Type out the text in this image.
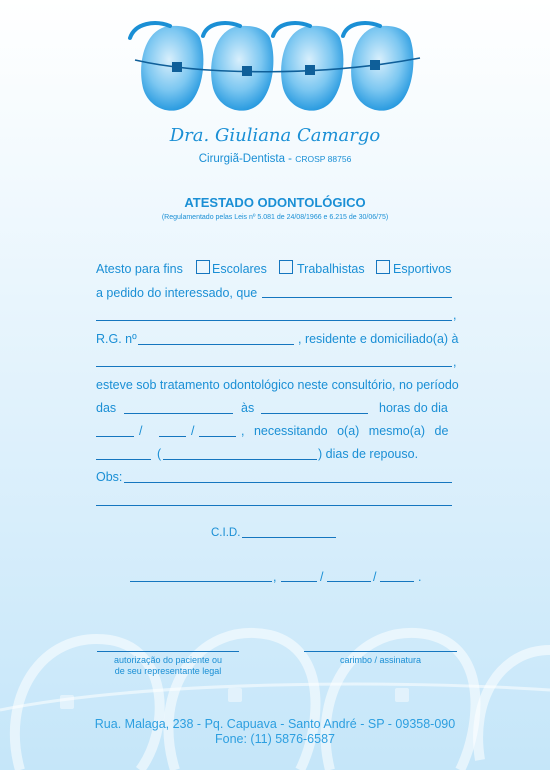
Dra. Giuliana Camargo
Cirurgiã-Dentista - CROSP 88756
ATESTADO ODONTOLÓGICO
(Regulamentado pelas Leis nº 5.081 de 24/08/1966 e 6.215 de 30/06/75)
Atesto para fins Escolares Trabalhistas Esportivos
a pedido do interessado, que
,
R.G. nº	, residente e domiciliado(a) à
,
esteve sob tratamento odontológico neste consultório, no período
das	às	horas do dia
/	/	, necessitando o(a) mesmo(a) de
(	) dias de repouso.
Obs:
C.I.D.
,	/	/	.
autorização do paciente ou
de seu representante legal
carimbo / assinatura
Rua. Malaga, 238 - Pq. Capuava - Santo André - SP - 09358-090
Fone: (11) 5876-6587
